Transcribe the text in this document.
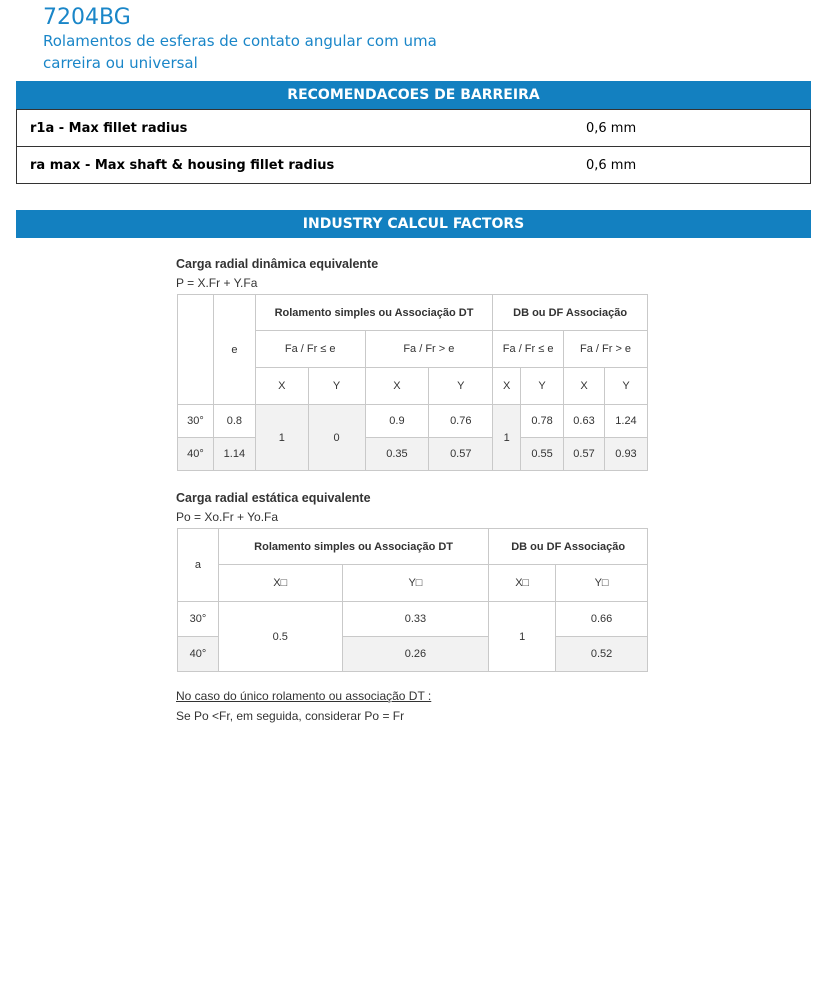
7204BG
Rolamentos de esferas de contato angular com uma carreira ou universal
RECOMENDACOES DE BARREIRA
r1a - Max fillet radius	0,6 mm
ra max - Max shaft & housing fillet radius	0,6 mm
INDUSTRY CALCUL FACTORS
Carga radial dinâmica equivalente
P = X.Fr + Y.Fa
	e	Rolamento simples ou Associação DT				DB ou DF Associação			
		Fa / Fr ≤ e		Fa / Fr > e		Fa / Fr ≤ e		Fa / Fr > e	
		X	Y	X	Y	X	Y	X	Y
30°	0.8	1	0	0.9	0.76	1	0.78	0.63	1.24
40°	1.14			0.35	0.57		0.55	0.57	0.93
Carga radial estática equivalente
Po = Xo.Fr + Yo.Fa
a	Rolamento simples ou Associação DT		DB ou DF Associação	
	X□	Y□	X□	Y□
30°	0.5	0.33	1	0.66
40°		0.26		0.52
No caso do único rolamento ou associação DT :
Se Po <Fr, em seguida, considerar Po = Fr
